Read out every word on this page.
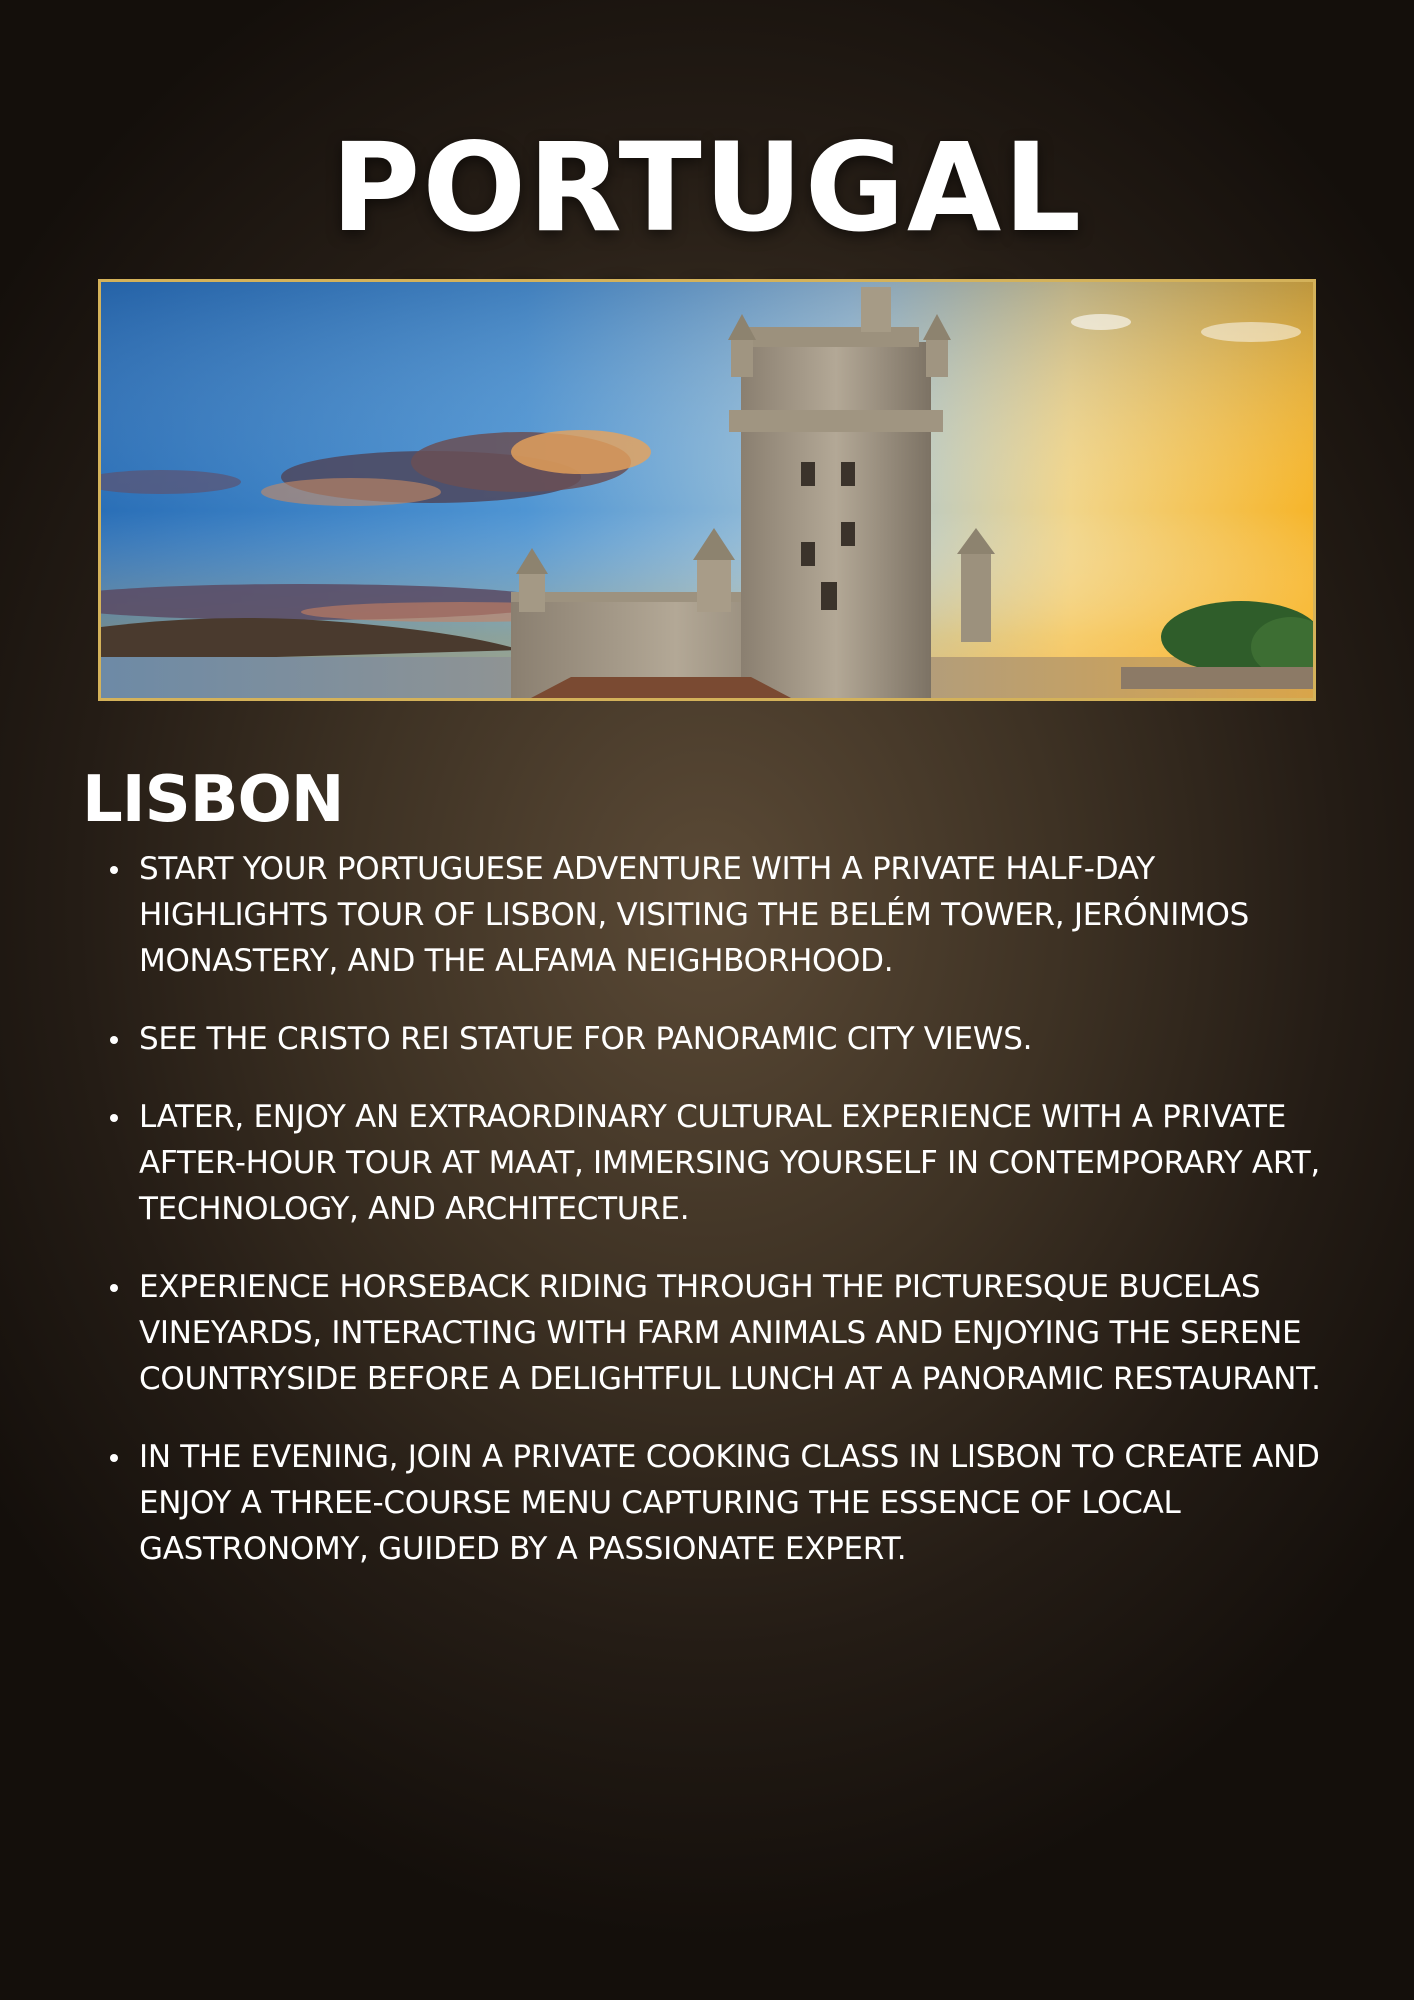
PORTUGAL
LISBON
START YOUR PORTUGUESE ADVENTURE WITH A PRIVATE HALF-DAY HIGHLIGHTS TOUR OF LISBON, VISITING THE BELÉM TOWER, JERÓNIMOS MONASTERY, AND THE ALFAMA NEIGHBORHOOD.
SEE THE CRISTO REI STATUE FOR PANORAMIC CITY VIEWS.
LATER, ENJOY AN EXTRAORDINARY CULTURAL EXPERIENCE WITH A PRIVATE AFTER-HOUR TOUR AT MAAT, IMMERSING YOURSELF IN CONTEMPORARY ART, TECHNOLOGY, AND ARCHITECTURE.
EXPERIENCE HORSEBACK RIDING THROUGH THE PICTURESQUE BUCELAS VINEYARDS, INTERACTING WITH FARM ANIMALS AND ENJOYING THE SERENE COUNTRYSIDE BEFORE A DELIGHTFUL LUNCH AT A PANORAMIC RESTAURANT.
IN THE EVENING, JOIN A PRIVATE COOKING CLASS IN LISBON TO CREATE AND ENJOY A THREE-COURSE MENU CAPTURING THE ESSENCE OF LOCAL GASTRONOMY, GUIDED BY A PASSIONATE EXPERT.
